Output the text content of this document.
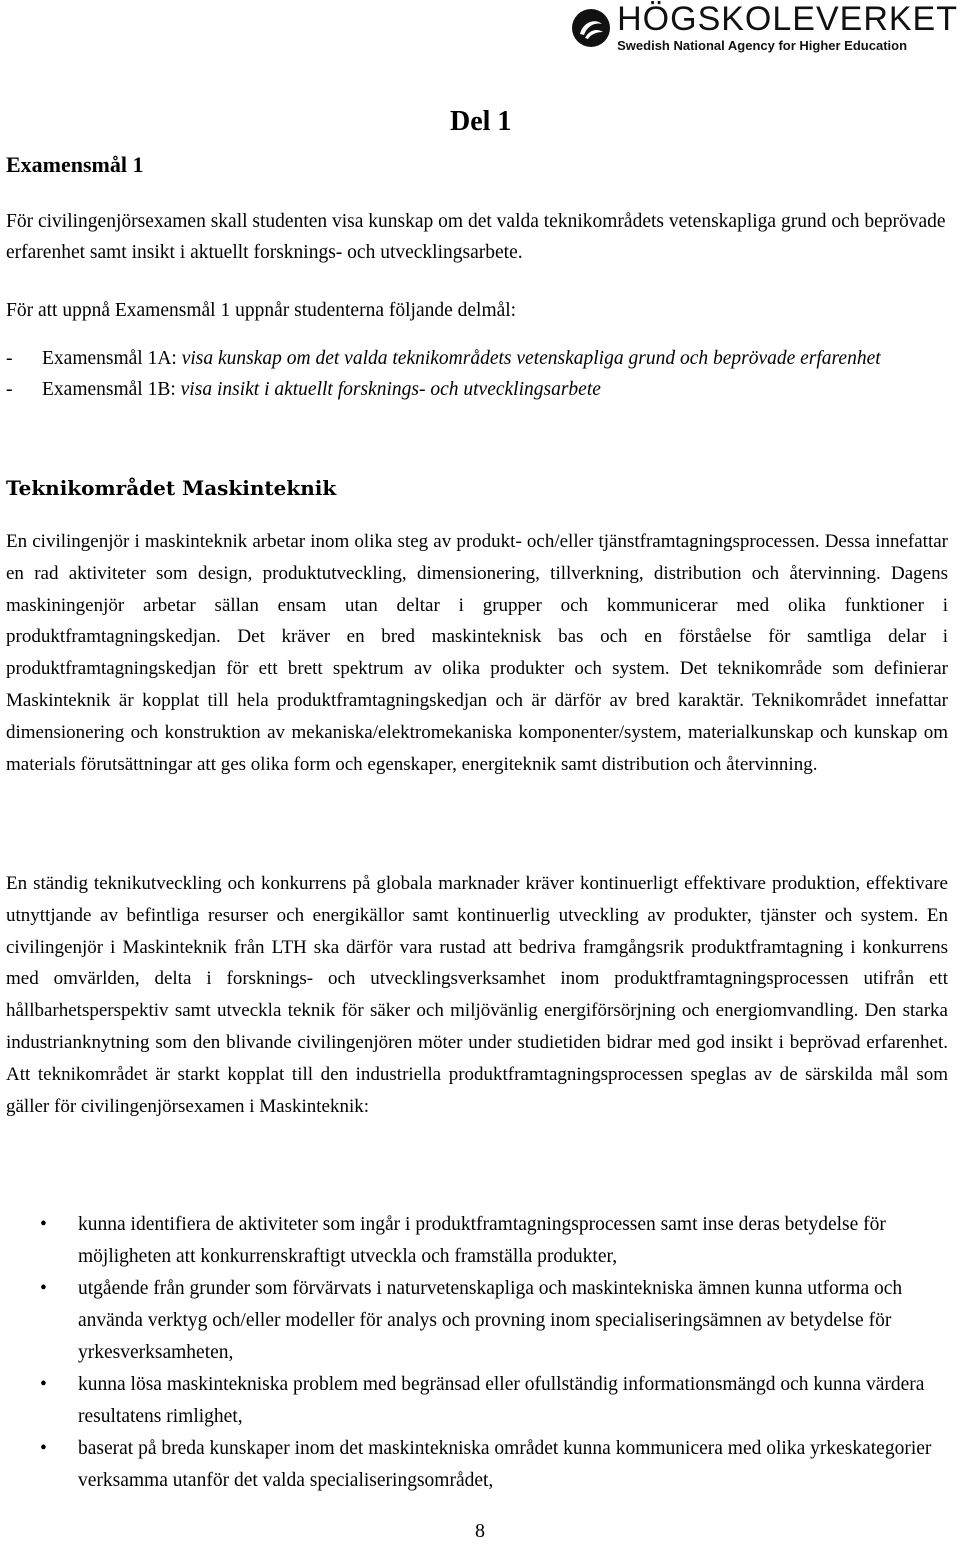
HÖGSKOLEVERKET
Swedish National Agency for Higher Education
Del 1
Examensmål 1
För civilingenjörsexamen skall studenten visa kunskap om det valda teknikområdets vetenskapliga grund och beprövade erfarenhet samt insikt i aktuellt forsknings- och utvecklingsarbete.
För att uppnå Examensmål 1 uppnår studenterna följande delmål:
-	Examensmål 1A: visa kunskap om det valda teknikområdets vetenskapliga grund och beprövade erfarenhet
-	Examensmål 1B: visa insikt i aktuellt forsknings- och utvecklingsarbete
Teknikområdet Maskinteknik
En civilingenjör i maskinteknik arbetar inom olika steg av produkt- och/eller tjänstframtagningsprocessen. Dessa innefattar en rad aktiviteter som design, produktutveckling, dimensionering, tillverkning, distribution och återvinning. Dagens maskiningenjör arbetar sällan ensam utan deltar i grupper och kommunicerar med olika funktioner i produktframtagningskedjan. Det kräver en bred maskinteknisk bas och en förståelse för samtliga delar i produktframtagningskedjan för ett brett spektrum av olika produkter och system. Det teknikområde som definierar Maskinteknik är kopplat till hela produktframtagningskedjan och är därför av bred karaktär. Teknikområdet innefattar dimensionering och konstruktion av mekaniska/elektromekaniska komponenter/system, materialkunskap och kunskap om materials förutsättningar att ges olika form och egenskaper, energiteknik samt distribution och återvinning.
En ständig teknikutveckling och konkurrens på globala marknader kräver kontinuerligt effektivare produktion, effektivare utnyttjande av befintliga resurser och energikällor samt kontinuerlig utveckling av produkter, tjänster och system. En civilingenjör i Maskinteknik från LTH ska därför vara rustad att bedriva framgångsrik produktframtagning i konkurrens med omvärlden, delta i forsknings- och utvecklingsverksamhet inom produktframtagningsprocessen utifrån ett hållbarhetsperspektiv samt utveckla teknik för säker och miljövänlig energiförsörjning och energiomvandling. Den starka industrianknytning som den blivande civilingenjören möter under studietiden bidrar med god insikt i beprövad erfarenhet. Att teknikområdet är starkt kopplat till den industriella produktframtagningsprocessen speglas av de särskilda mål som gäller för civilingenjörsexamen i Maskinteknik:
•	kunna identifiera de aktiviteter som ingår i produktframtagningsprocessen samt inse deras betydelse för möjligheten att konkurrenskraftigt utveckla och framställa produkter,
•	utgående från grunder som förvärvats i naturvetenskapliga och maskintekniska ämnen kunna utforma och använda verktyg och/eller modeller för analys och provning inom specialiseringsämnen av betydelse för yrkesverksamheten,
•	kunna lösa maskintekniska problem med begränsad eller ofullständig informationsmängd och kunna värdera resultatens rimlighet,
•	baserat på breda kunskaper inom det maskintekniska området kunna kommunicera med olika yrkeskategorier verksamma utanför det valda specialiseringsområdet,
8
